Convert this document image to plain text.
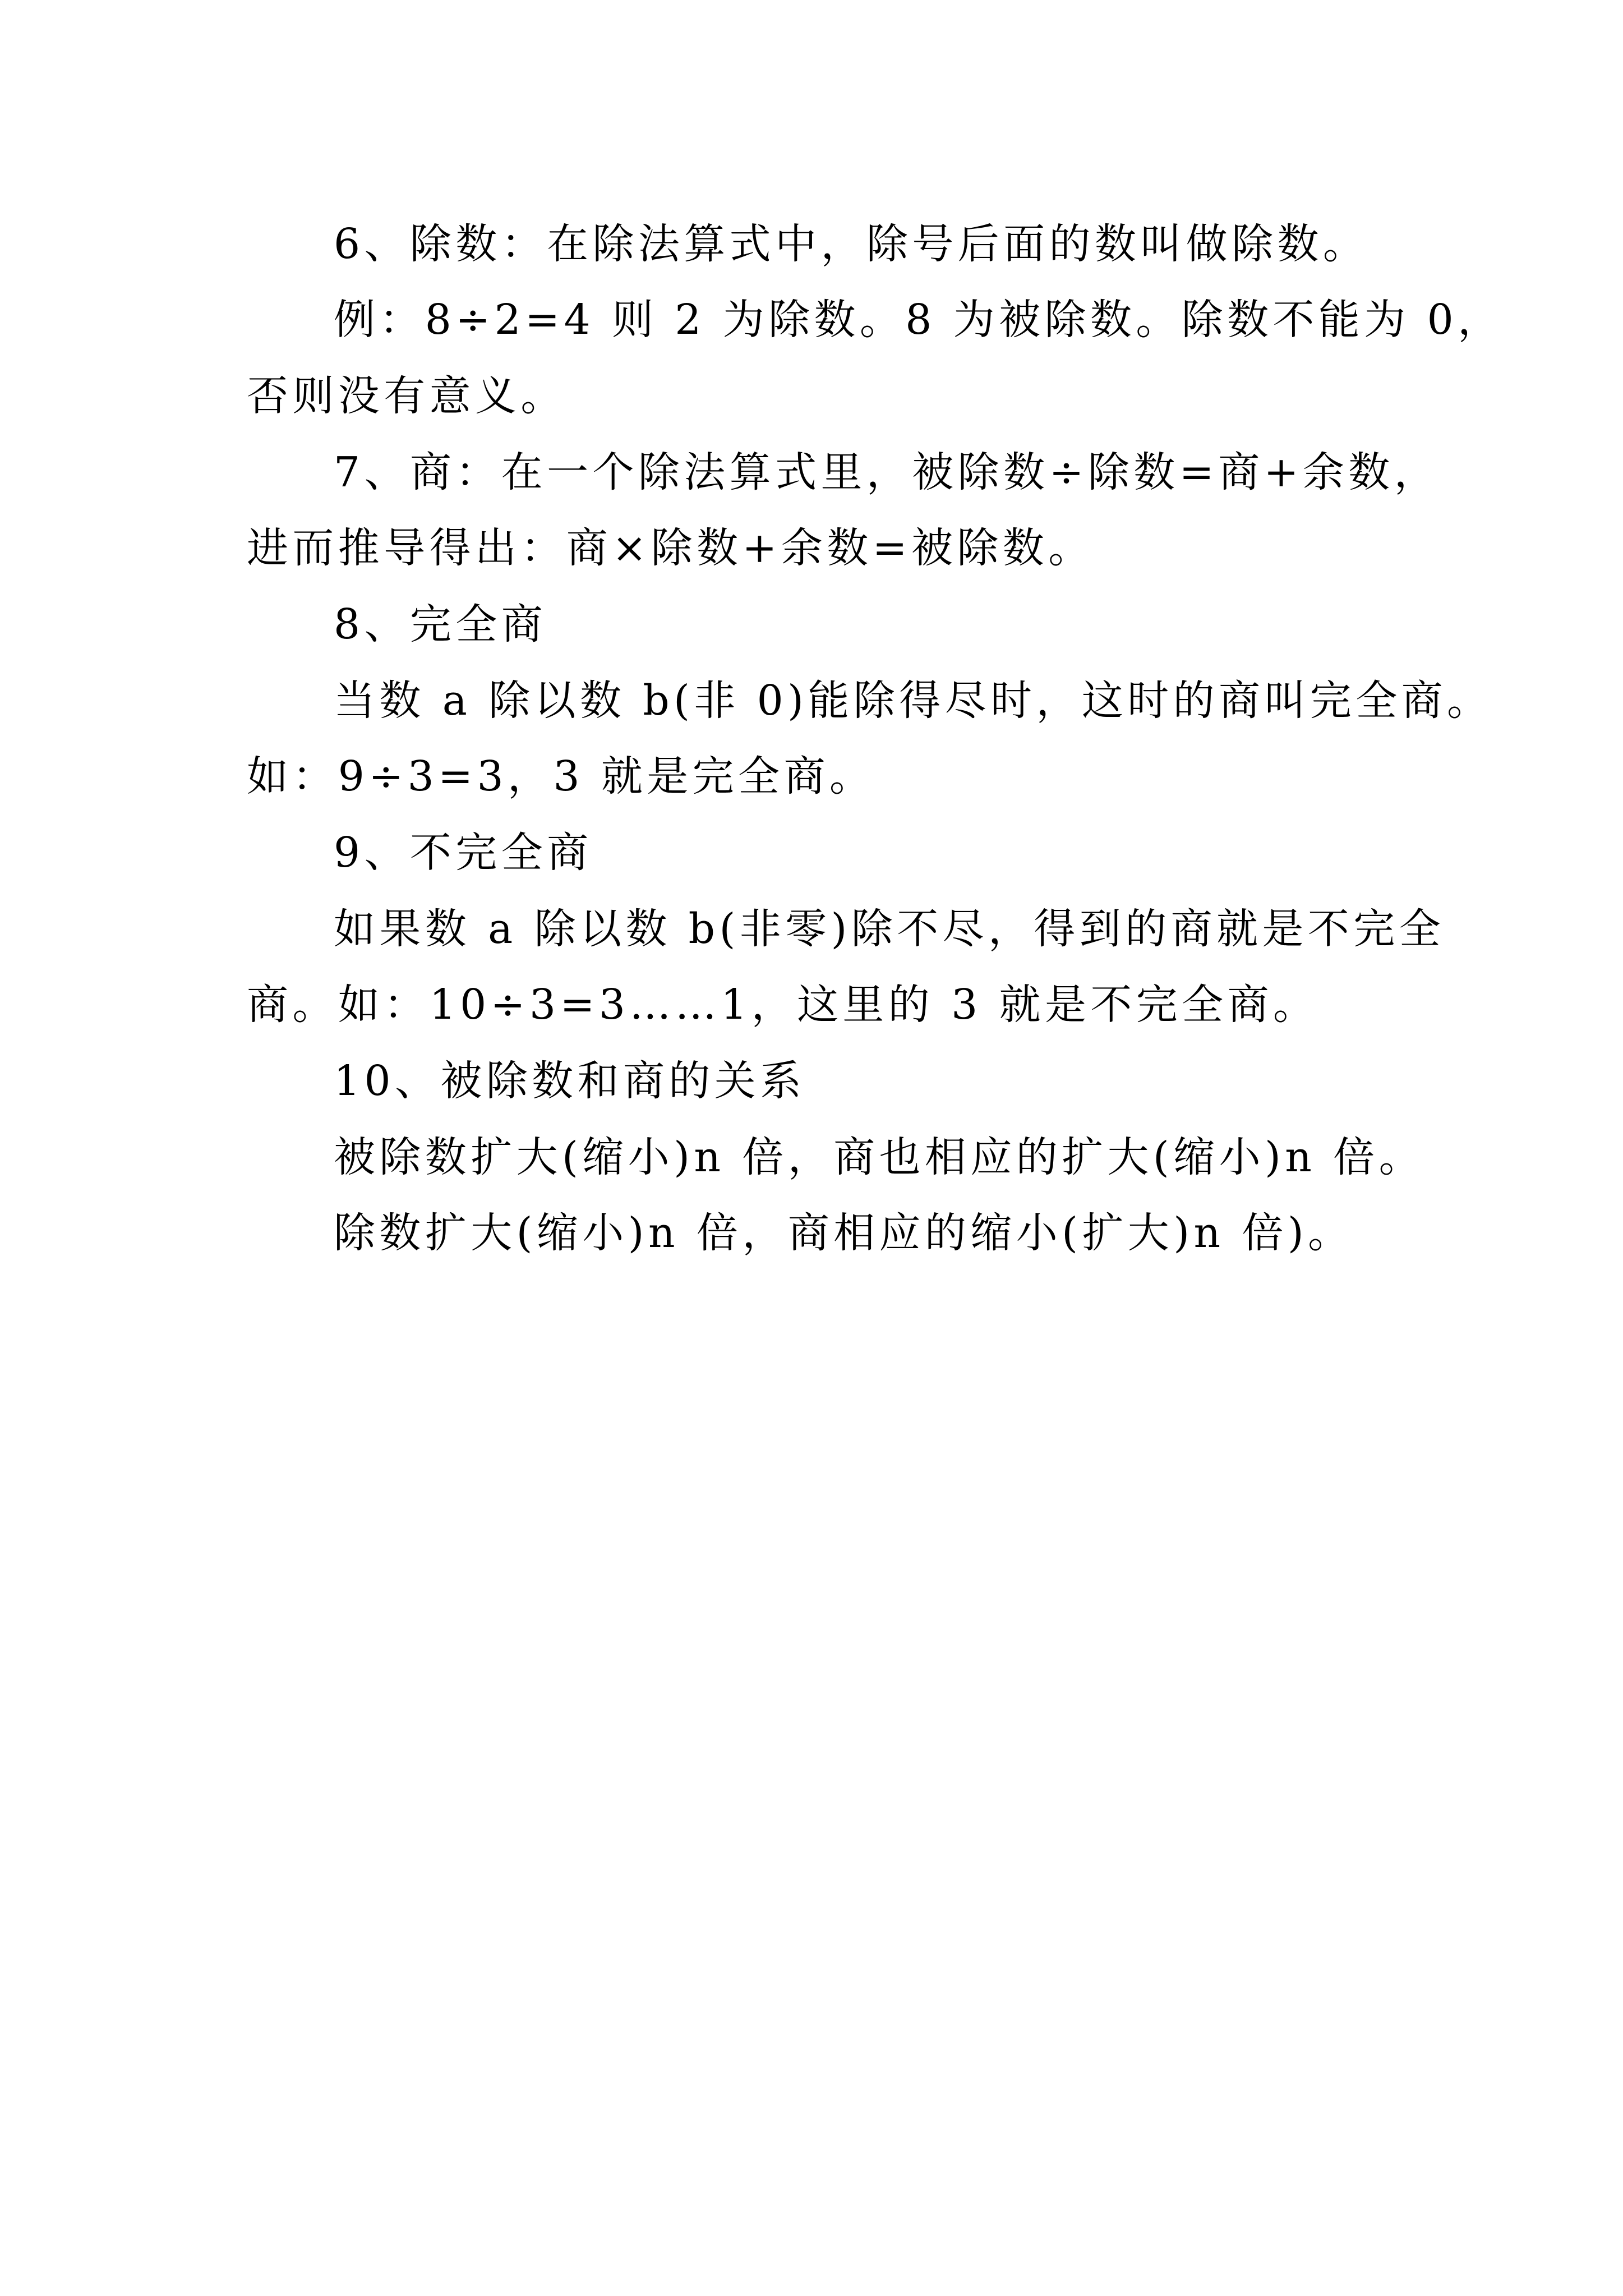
6、除数：在除法算式中，除号后面的数叫做除数。
例：8÷2=4 则 2 为除数。8 为被除数。除数不能为 0，
否则没有意义。
7、商：在一个除法算式里，被除数÷除数=商+余数，
进而推导得出：商×除数+余数=被除数。
8、完全商
当数 a 除以数 b(非 0)能除得尽时，这时的商叫完全商。
如：9÷3=3，3 就是完全商。
9、不完全商
如果数 a 除以数 b(非零)除不尽，得到的商就是不完全
商。如：10÷3=3……1，这里的 3 就是不完全商。
10、被除数和商的关系
被除数扩大(缩小)n 倍，商也相应的扩大(缩小)n 倍。
除数扩大(缩小)n 倍，商相应的缩小(扩大)n 倍)。
